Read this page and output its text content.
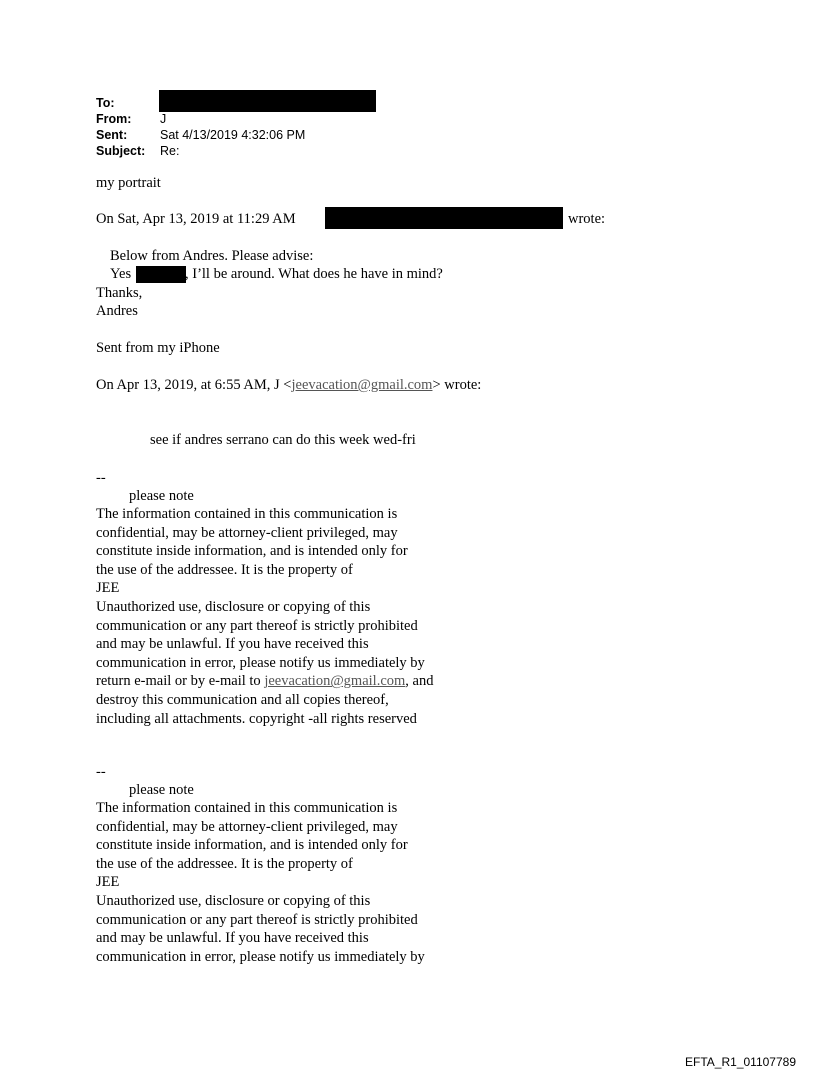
To:
From: J
Sent:	Sat 4/13/2019 4:32:06 PM
Subject: Re:
my portrait
On Sat, Apr 13, 2019 at 11:29 AM	wrote:
Below from Andres. Please advise:
Yes	, I’ll be around. What does he have in mind?
Thanks,
Andres
Sent from my iPhone
On Apr 13, 2019, at 6:55 AM, J <jeevacation@gmail.com> wrote:
see if andres serrano can do this week wed-fri
--
please note
The information contained in this communication is
confidential, may be attorney-client privileged, may
constitute inside information, and is intended only for
the use of the addressee. It is the property of
JEE
Unauthorized use, disclosure or copying of this
communication or any part thereof is strictly prohibited
and may be unlawful. If you have received this
communication in error, please notify us immediately by
return e-mail or by e-mail to jeevacation@gmail.com, and
destroy this communication and all copies thereof,
including all attachments. copyright -all rights reserved
--
please note
The information contained in this communication is
confidential, may be attorney-client privileged, may
constitute inside information, and is intended only for
the use of the addressee. It is the property of
JEE
Unauthorized use, disclosure or copying of this
communication or any part thereof is strictly prohibited
and may be unlawful. If you have received this
communication in error, please notify us immediately by
EFTA_R1_01107789
